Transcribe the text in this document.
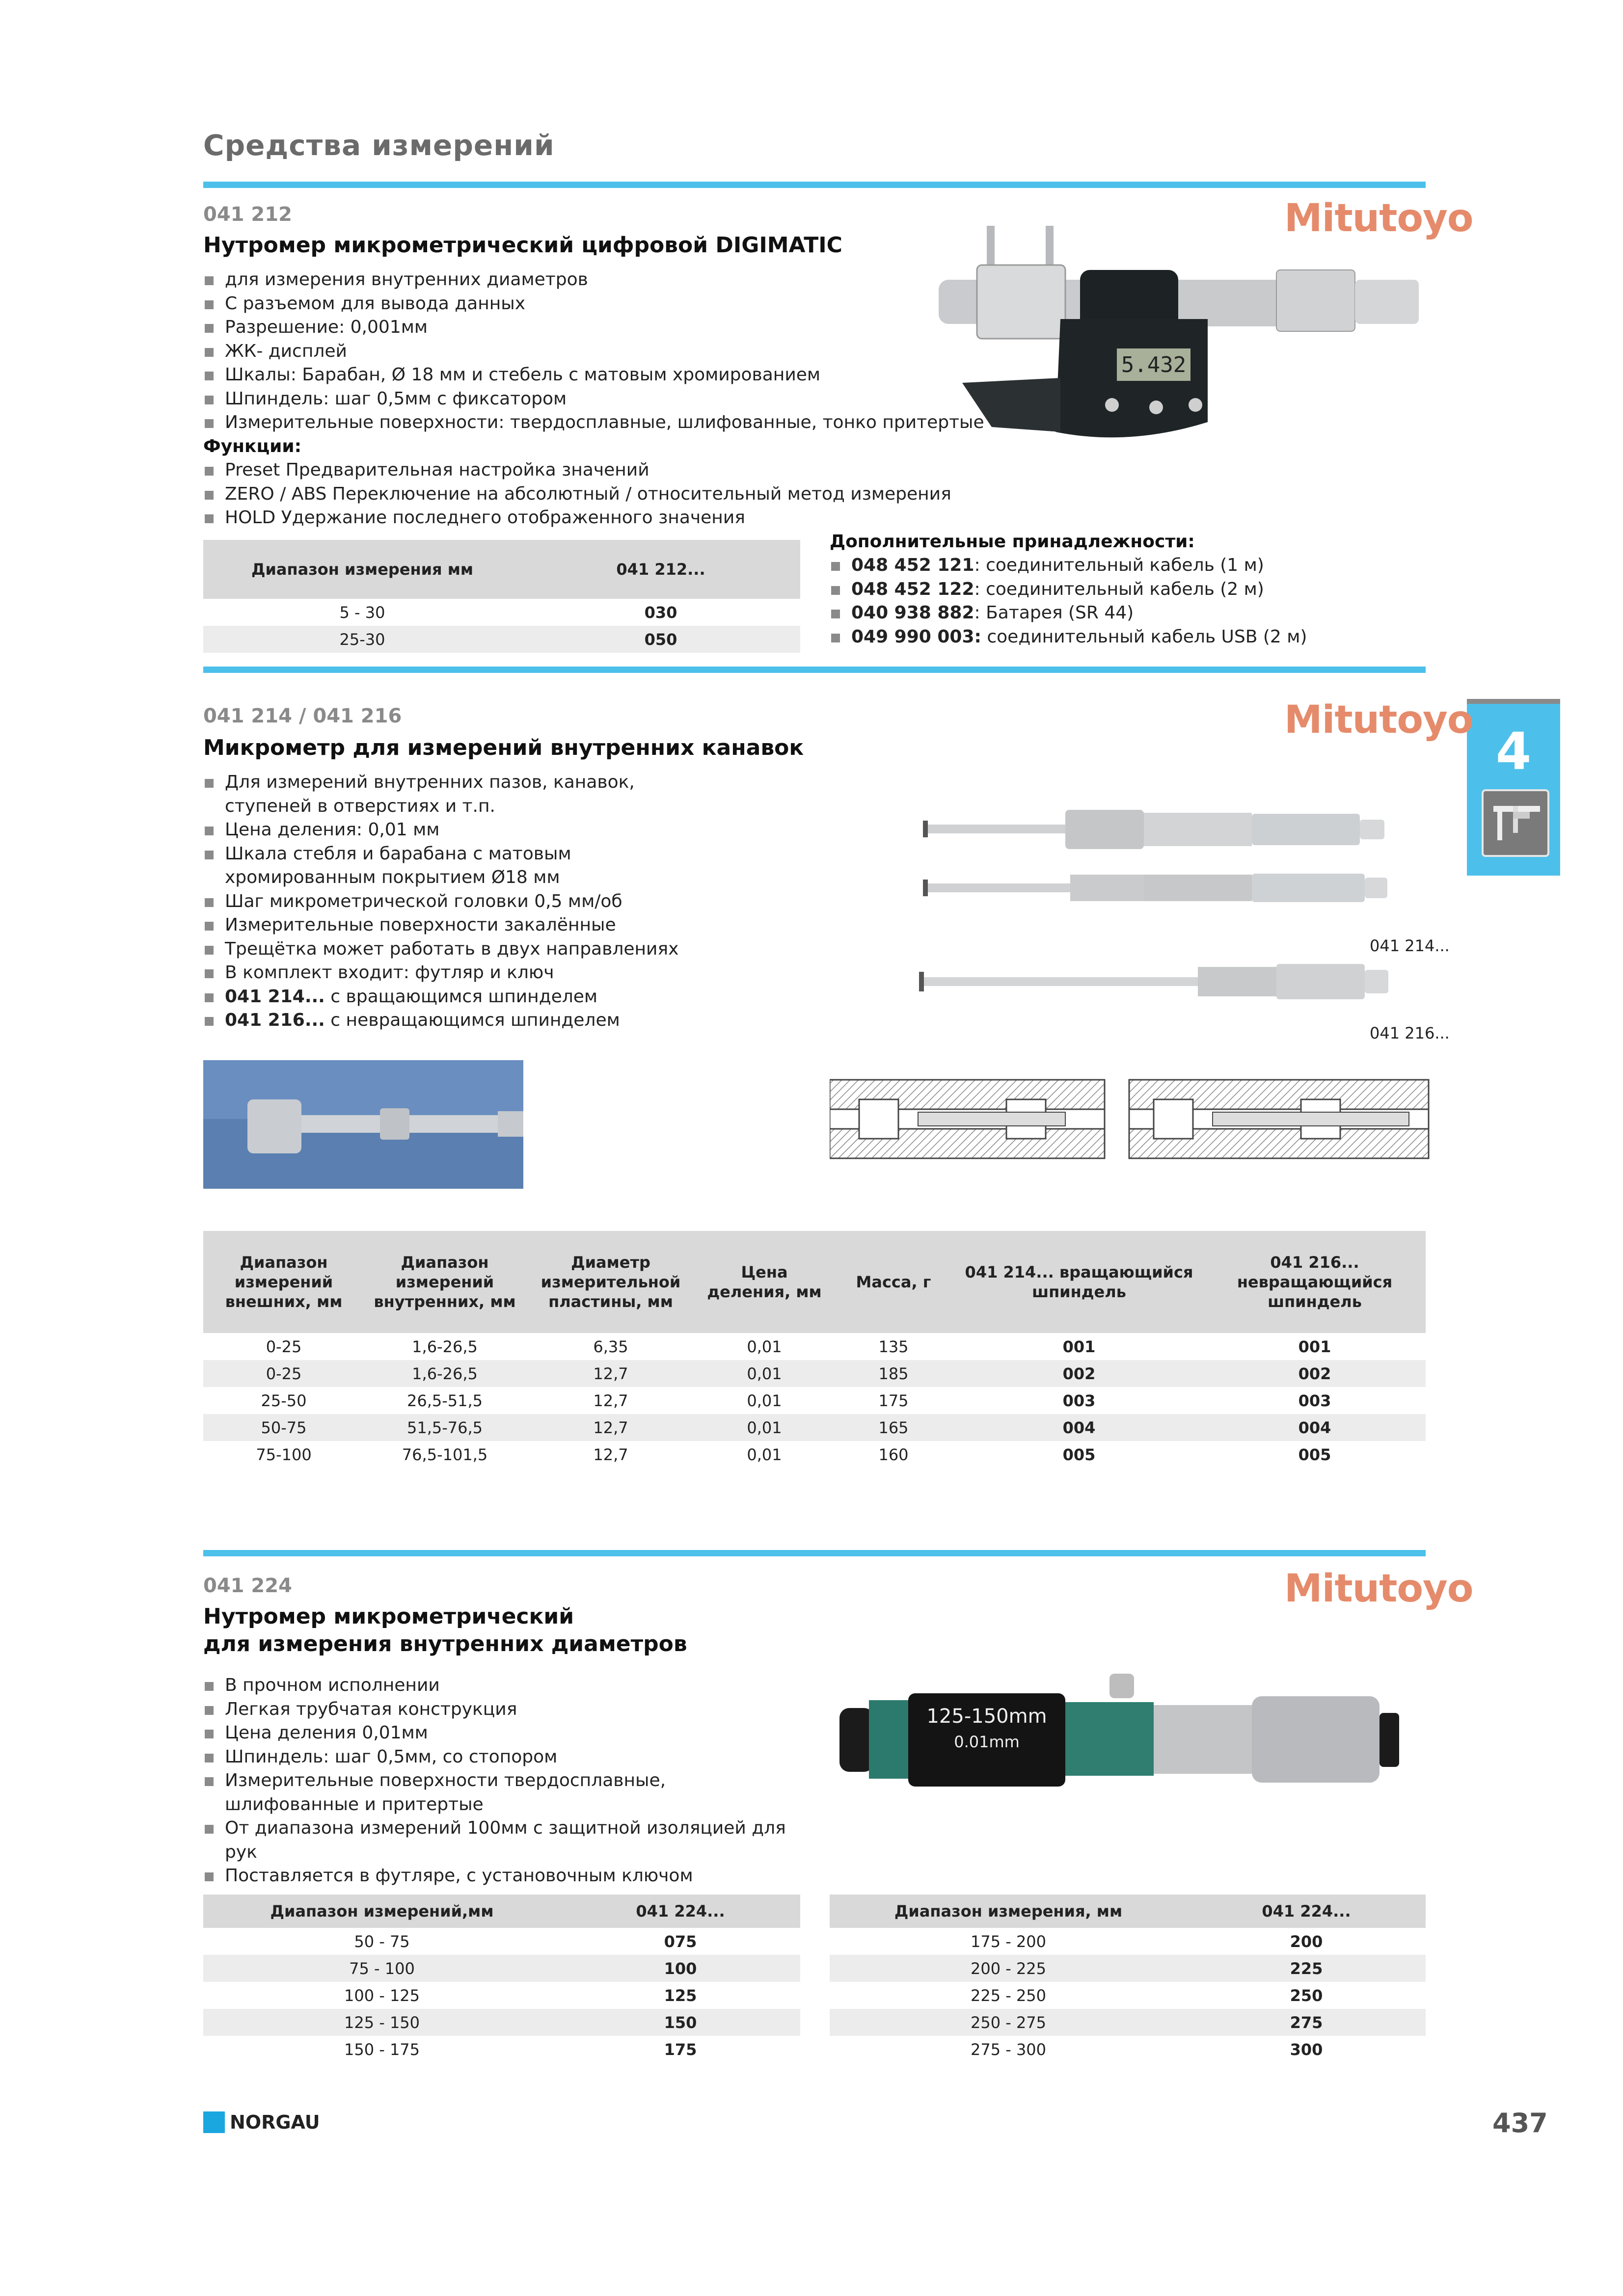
Средства измерений
4
041 212
Нутромер микрометрический цифровой DIGIMATIC
Mitutoyo
для измерения внутренних диаметров
С разъемом для вывода данных
Разрешение: 0,001мм
ЖК- дисплей
Шкалы: Барабан, Ø 18 мм и стебель с матовым хромированием
Шпиндель: шаг 0,5мм с фиксатором
Измерительные поверхности: твердосплавные, шлифованные, тонко притертые
Функции:
Preset Предварительная настройка значений
ZERO / ABS Переключение на абсолютный / относительный метод измерения
HOLD Удержание последнего отображенного значения
5.432
Диапазон измерения мм	041 212...
5 - 30	030
25-30	050
Дополнительные принадлежности:
048 452 121: соединительный кабель (1 м)
048 452 122: соединительный кабель (2 м)
040 938 882: Батарея (SR 44)
049 990 003: соединительный кабель USB (2 м)
041 214 / 041 216
Микрометр для измерений внутренних канавок
Mitutoyo
Для измерений внутренних пазов, канавок, ступеней в отверстиях и т.п.
Цена деления: 0,01 мм
Шкала стебля и барабана с матовым хромированным покрытием Ø18 мм
Шаг микрометрической головки 0,5 мм/об
Измерительные поверхности закалённые
Трещётка может работать в двух направлениях
В комплект входит: футляр и ключ
041 214... с вращающимся шпинделем
041 216... с невращающимся шпинделем
041 214...
041 216...
Диапазон измерений внешних, мм	Диапазон измерений внутренних, мм	Диаметр измерительной пластины, мм	Цена деления, мм	Масса, г	041 214... вращающийся шпиндель	041 216... невращающийся шпиндель
0-25	1,6-26,5	6,35	0,01	135	001	001
0-25	1,6-26,5	12,7	0,01	185	002	002
25-50	26,5-51,5	12,7	0,01	175	003	003
50-75	51,5-76,5	12,7	0,01	165	004	004
75-100	76,5-101,5	12,7	0,01	160	005	005
041 224
Нутромер микрометрический
для измерения внутренних диаметров
Mitutoyo
В прочном исполнении
Легкая трубчатая конструкция
Цена деления 0,01мм
Шпиндель: шаг 0,5мм, со стопором
Измерительные поверхности твердосплавные, шлифованные и притертые
От диапазона измерений 100мм с защитной изоляцией для рук
Поставляется в футляре, с установочным ключом
125-150mm
0.01mm
Диапазон измерений,мм	041 224...
50 - 75	075
75 - 100	100
100 - 125	125
125 - 150	150
150 - 175	175
Диапазон измерения, мм	041 224...
175 - 200	200
200 - 225	225
225 - 250	250
250 - 275	275
275 - 300	300
NORGAU	437
